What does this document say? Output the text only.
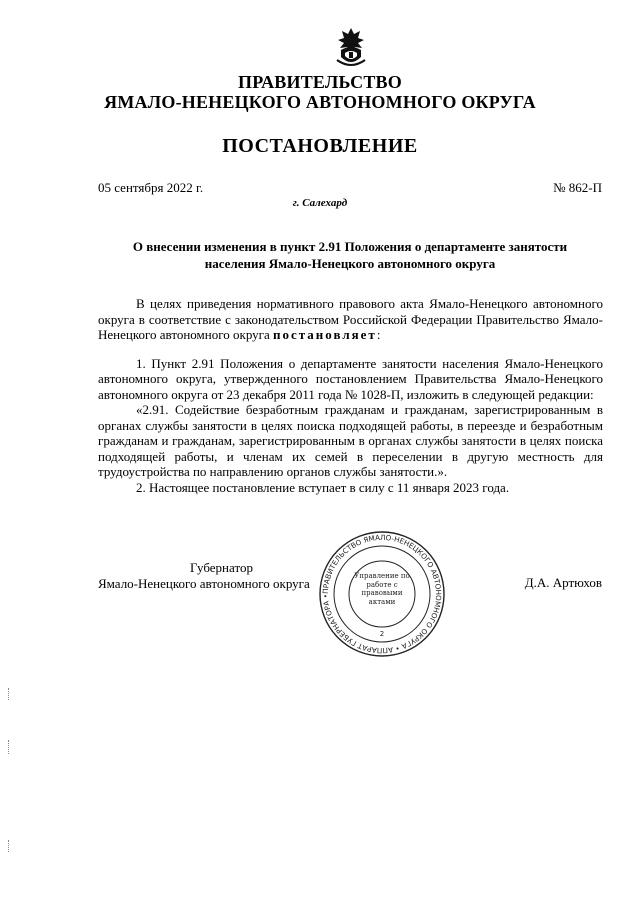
ПРАВИТЕЛЬСТВО
ЯМАЛО-НЕНЕЦКОГО АВТОНОМНОГО ОКРУГА
ПОСТАНОВЛЕНИЕ
05 сентября 2022 г.	№ 862-П
г. Салехард
О внесении изменения в пункт 2.91 Положения о департаменте занятости
населения Ямало-Ненецкого автономного округа

В целях приведения нормативного правового акта Ямало-Ненецкого автономного округа в соответствие с законодательством Российской Федерации Правительство Ямало-Ненецкого автономного округа постановляет:

1. Пункт 2.91 Положения о департаменте занятости населения Ямало-Ненецкого автономного округа, утвержденного постановлением Правительства Ямало-Ненецкого автономного округа от 23 декабря 2011 года № 1028-П, изложить в следующей редакции:

«2.91. Содействие безработным гражданам и гражданам, зарегистрированным в органах службы занятости в целях поиска подходящей работы, в переезде и безработным гражданам и гражданам, зарегистрированным в органах службы занятости в целях поиска подходящей работы, и членам их семей в переселении в другую местность для трудоустройства по направлению органов службы занятости.».

2. Настоящее постановление вступает в силу с 11 января 2023 года.

Губернатор
Ямало-Ненецкого автономного округа	Д.А. Артюхов
ПРАВИТЕЛЬСТВО ЯМАЛО-НЕНЕЦКОГО АВТОНОМНОГО ОКРУГА • АППАРАТ ГУБЕРНАТОРА •
Управление по работе с правовыми актами
2
